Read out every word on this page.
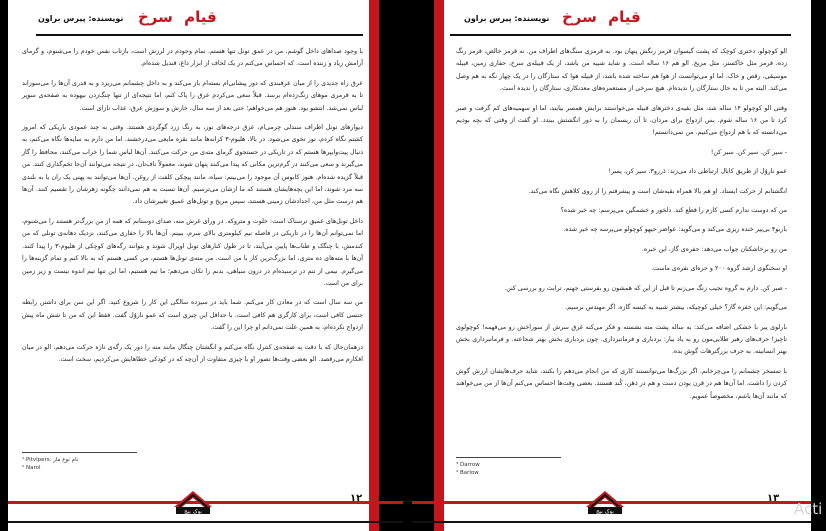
قیام سرخ
نویسنده: پیرس براون

با وجود صداهای داخل گوشم، من در عمق تونل تنها هستم. تمام وجودم در لرزش است، بازتاب نفس خودم را می‌شنوم، و گرمای آرامش زیاد و زننده است. که احساس می‌کنم در یک لحاف از ابزار داغ، قندیل شده‌ام.

عرق راه جدیدی را از میان عرقبندی که دور پیشانی‌ام بسته‌ام باز می‌کند و به داخل چشمانم می‌ریزد و به قدری آن‌ها را می‌سوزاند تا به قرمزی موهای زنگ‌زده‌ام برسد. قبلاً سعی می‌کردم عرق را پاک کنم، اما نتیجه‌ای از تنها چنگ‌زدن بیهوده به صفحه‌ی سوپر لباس نمی‌شد. انتشو بود. هنوز هم می‌خواهم؛ حتی بعد از سه سال، خارش و سوزش عرق، عذاب نازای است.

دیوارهای تونل اطراف سندلی چرمی‌ام، عرق درجه‌های نور، به رنگ زرد گوگردی هستند. وقتی به چند عمودی باریکی که امروز کشتم نگاه کردم، تور نحوی می‌شود. در بالا، هلیوم-۳ کرانه‌ها مانند نقره مایعی می‌درخشند. اما من دارم به سایه‌ها نگاه می‌کنم، به دنبال پیت‌وایپرها هستم که در تاریکی در جستجوی گرمای مته‌ی من حرکت می‌کنند. آن‌ها لباس شما را خراب می‌کنند، محافظ را گاز می‌گیرند و سعی می‌کنند در گرم‌ترین مکانی که پیدا می‌کنند پنهان شوند، معمولاً ناف‌تان، در نتیجه می‌توانند آن‌جا تخم‌گذاری کنند. من قبلاً گزیده شده‌ام. هنوز کابوس آن موجود را می‌بینم: سیاه، مانند پیچکی کلفت از روغن. آن‌ها می‌توانند به پهنی یک ران یا به بلندی سه مرد شوند، اما این بچه‌هایشان هستند که ما ازشان می‌ترسیم. آن‌ها نسبت به هم نمی‌دانند چگونه زهرشان را تقسیم کنند. آن‌ها هم درست مثل من، اجدادشان زمینی هستند، سپس مریخ و تونل‌های عمیق تغییرشان داد.

داخل تونل‌های عمیق ترسناک است: خلوت و متروکه. در ورای غرش مته، صدای دوستانم که همه از من بزرگ‌تر هستند را می‌شنوم، اما نمی‌توانم آن‌ها را در تاریکی در فاصله نیم کیلومتری بالای سرم، ببینم. آن‌ها بالا را حفاری می‌کنند، نزدیک دهانه‌ی تونلی که من کندمش، با چنگک و طناب‌ها پایین می‌آیند، تا در طول کنارهای تونل اوپرال شوند و بتوانند رگه‌های کوچکی از هلیوم-۳ را پیدا کنند. آن‌ها با مته‌های ده متری، اما بزرگ‌ترین کار با من است. من مته‌ی تونل‌ها هستم، من کسی هستم که به بالا کنم و تمام گزینه‌ها را می‌گیرم. نیمی از تنم در ترسیده‌ام در درون سیاهی، بدنم را تکان می‌دهم؛ ما تیم هستیم، اما این تنها تیم اندوه نیست و زیر زمین برای من است.

من سه سال است که در معادن کار می‌کنم. شما باید در سیزده سالگی این کار را شروع کنید. اگر این سن برای داشتن رابطه جنسی کافی است، برای کارگری هم کافی است. با حداقل این چیزی است که عمو ناروُل گفت. فقط این که من تا شش ماه پیش ازدواج نکرده‌ام، به همین علت نمی‌دانم او چرا این را گفت.

درهمان‌حال که با دقت به صفحه‌ی کنترل نگاه می‌کنم و انگشتان چنگال مانند مته را دور یک رگه‌ی تازه حرکت می‌دهم، الو در میان افکارم می‌رقصد. الو بعضی وقت‌ها تصور او با چیزی متفاوت از آن‌چه که در کودکی خطاهایش می‌کردیم، سخت است.

¹ Pitvipers: نام نوع مار
² Narol
بوک بیج
۱۲
قیام سرخ
نویسنده: پیرس براون

الو کوچولو، دختری کوچک که پشت گیسوان قرمز رنگش پنهان بود. به قرمزی سنگ‌های اطراف من. نه قرمز خالص، قرمز رنگ زده، قرمز مثل خاکستر، مثل مریخ. الو هم ۱۶ ساله است. و شاید شبیه من باشد، از یک قبیله‌ی سرخ، حفاری زمین، قبیله موسیقی، رقص و خاک. اما او می‌توانست از هوا هم ساخته شده باشد، از قبیله هوا که ستارگان را در یک چهار نگه به هم وصل می‌کند. البته من تا به حال ستارگان را ندیده‌ام. هیچ سرخی از مستعمره‌های معدنکاری، ستارگان را ندیده است.

وقتی الو کوچولو ۱۴ ساله شد، مثل بقیه‌ی دخترهای قبیله می‌خواستند برایش همسر بیابند، اما او سهمیه‌های کم گرفت و صبر کرد تا من ۱۶ ساله شوم. بس ازدواج برای مردان، تا آن ریسمان را به دور انگشتش ببندد. او گفت از وقتی که بچه بودیم می‌دانسته که با هم ازدواج می‌کنیم. من نمی‌دانستم!

- سیر کن. سیر کن. سیر کن!

عمو ناروُل از طریق کانال ارتباطی داد می‌زند: دَررو۳، سیر کن، پسر!

انگشتانم از حرکت ایستاد. او هم بالا همراه بقیه‌شان است و پیشرفتم را از روی کلاهش نگاه می‌کند.

من که دوست ندارم کسی کارم را قطع کند. دلخور و خشمگین می‌پرسم: چه خبر شده؟

باربو۴ بی‌پیر خنده ریزی می‌کند و می‌گوید: عواضر حیهو کوچولو می‌پرسه چه خبر شده.

من رو برخاشکنان جواب می‌دهد: حفره‌ی گاز، این خبره.

او سخنگوی ارشد گروه ۲۰۰ و حره‌ای نفره‌ی ماست.

- صبر کن. دارم به گروه نجیب زنگ می‌زنم تا قبل از این که همشون رو بفرستی جهنم، ترابت رو بررسی کنن.

می‌گویم: این خفره گاز؟ خیلی کوچیکه، بیشتر شبیه به کیسه گازه. اگر مهندس برسیم.

بارلوی پیر با خشکی اضافه می‌کند: به ساله پشت مته نشسته و فکر می‌کنه غرق سرش از سوراخش رو می‌فهمه! کوچولوی ناچیز! حرف‌های رهبر طلایی‌مون رو به یاد بیار: بردباری و فرمانبرداری. چون بردباری بخش بهتر شجاعته. و فرمانبرداری بخش بهتر انسانیته. به حرف بزرگترهات گوش بده.

با تمسخر چشمانم را می‌چرخانم. اگر بزرگ‌ها می‌توانستند کاری که من انجام می‌دهم را بکنند، شاید حرف‌هایشان ارزش گوش کردن را داشت. اما آن‌ها هم در قرن بودن دست و هم در ذهن، کُند هستند. بعضی وقت‌ها احساس می‌کنم آن‌ها از من می‌خواهند که مانند آن‌ها باشم، مخصوصاً عمویم.

³ Darrow
⁴ Barlow
بوک بیج
۱۳
Acti
